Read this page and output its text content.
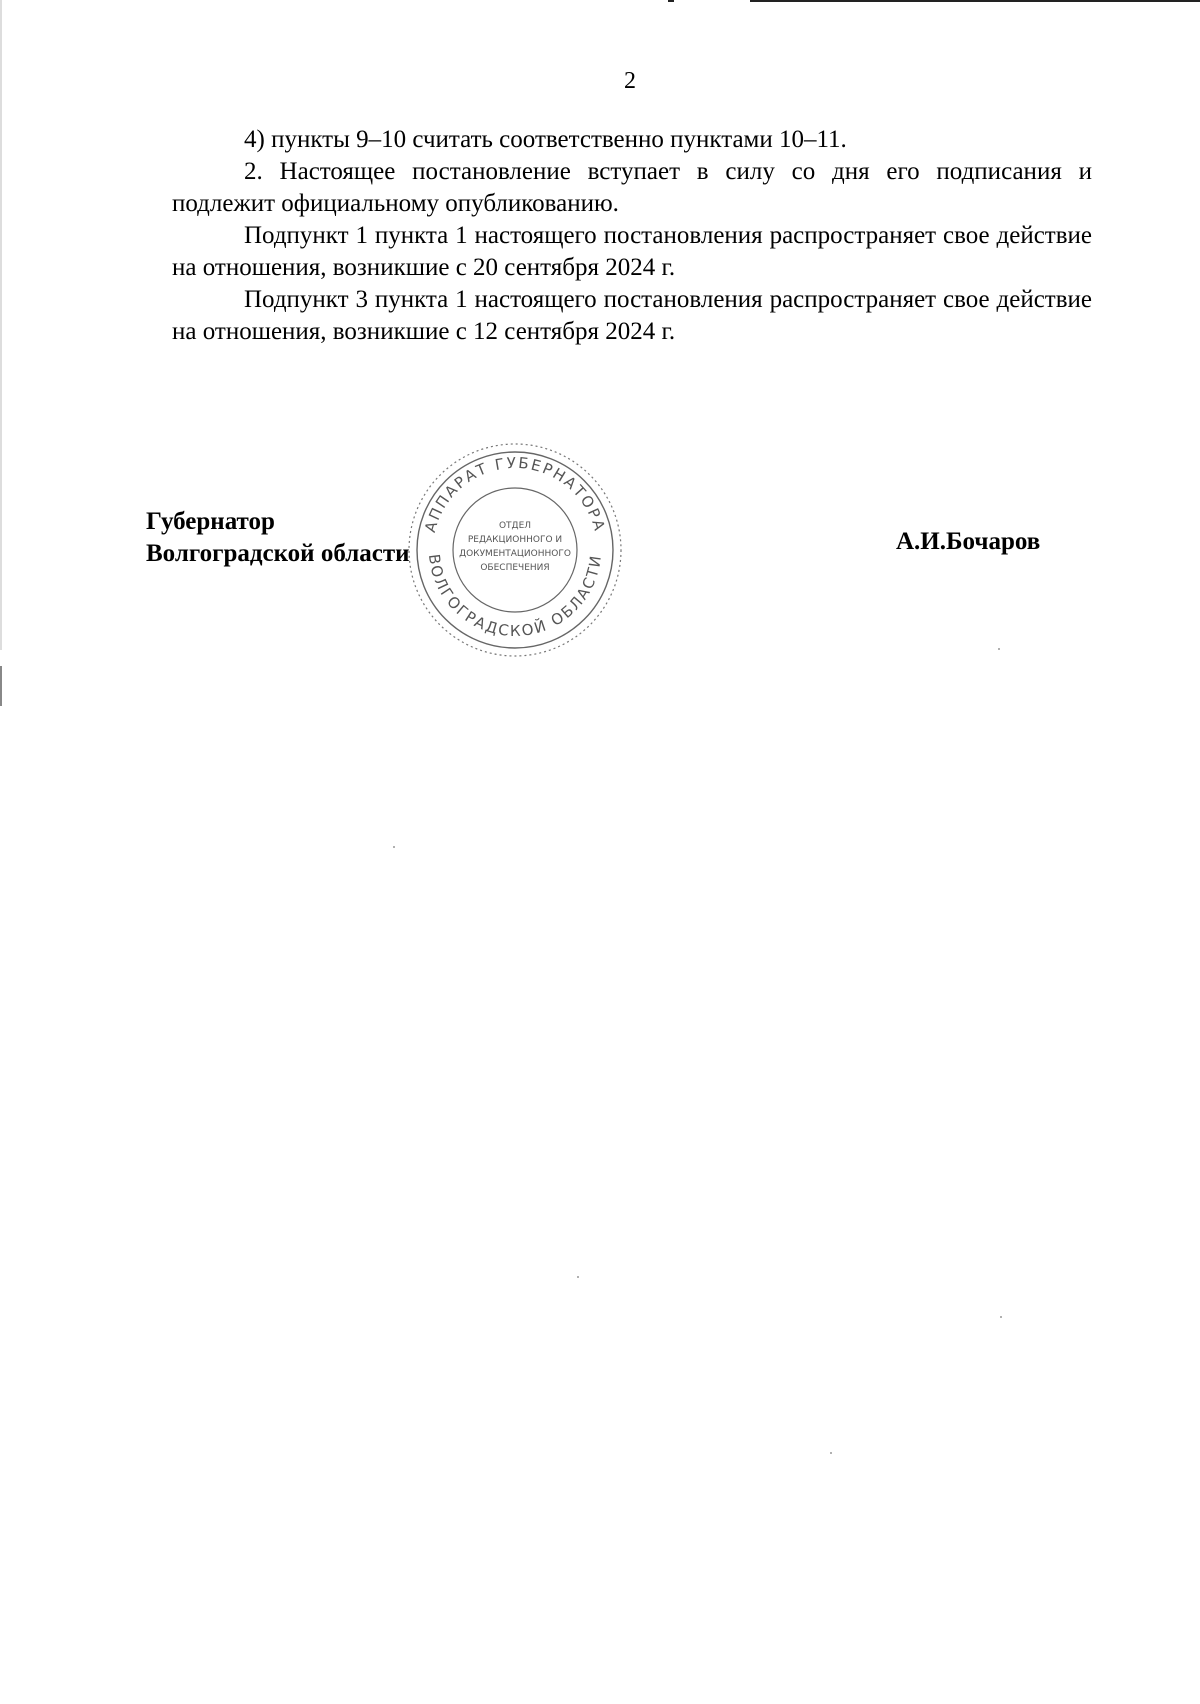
2

4) пункты 9–10 считать соответственно пунктами 10–11.

2. Настоящее постановление вступает в силу со дня его подписания и подлежит официальному опубликованию.

Подпункт 1 пункта 1 настоящего постановления распространяет свое действие на отношения, возникшие с 20 сентября 2024 г.

Подпункт 3 пункта 1 настоящего постановления распространяет свое действие на отношения, возникшие с 12 сентября 2024 г.

Губернатор
Волгоградской области
АППАРАТ ГУБЕРНАТОРА
ВОЛГОГРАДСКОЙ ОБЛАСТИ
ОТДЕЛ
РЕДАКЦИОННОГО И
ДОКУМЕНТАЦИОННОГО
ОБЕСПЕЧЕНИЯ
А.И.Бочаров
